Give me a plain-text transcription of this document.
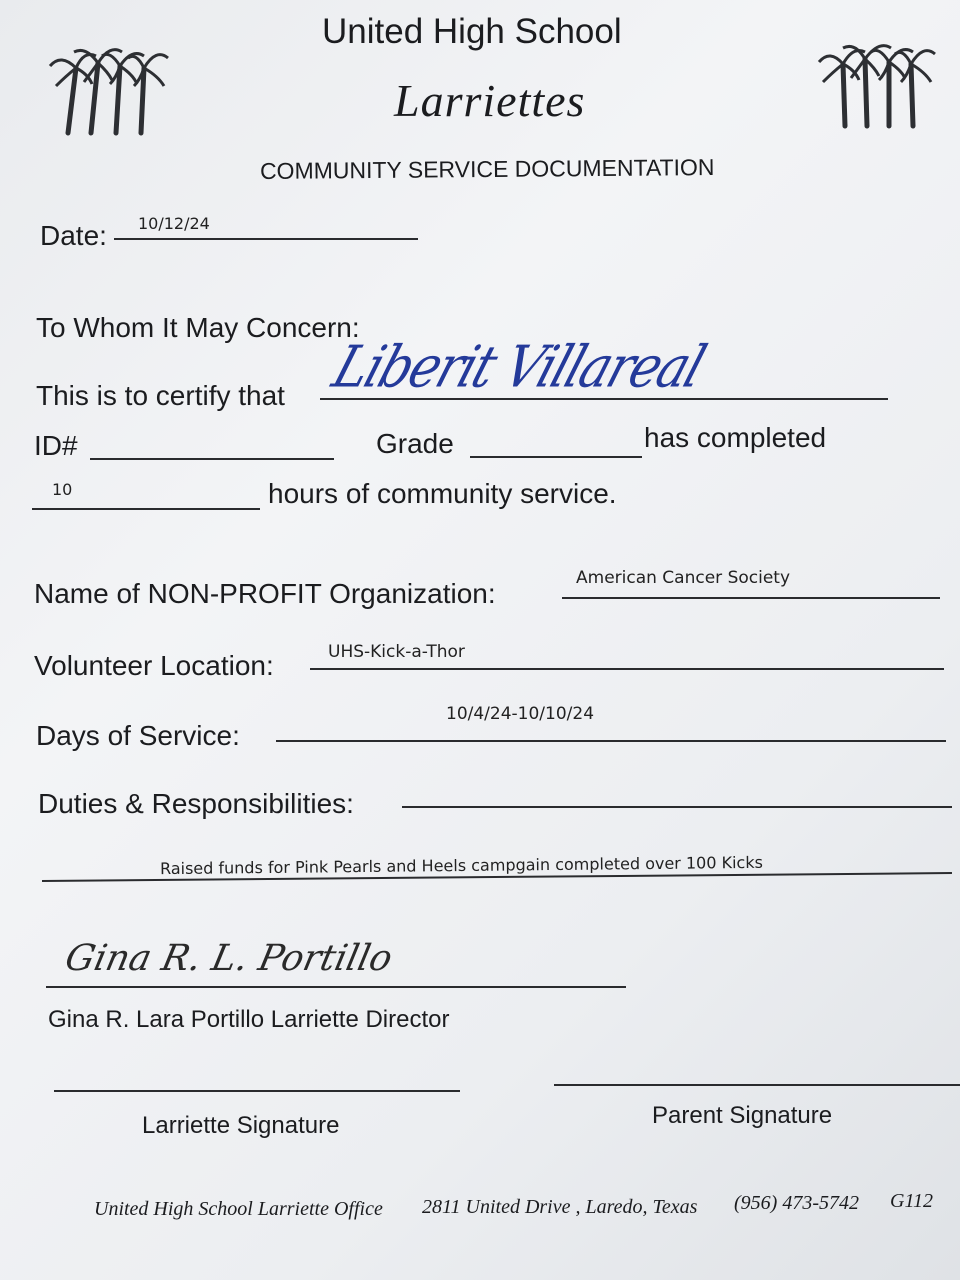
United High School
Larriettes
COMMUNITY SERVICE DOCUMENTATION
Date: 10/12/24
To Whom It May Concern:
This is to certify that Liberit Villareal
ID#	Grade	has completed
10	hours of community service.
Name of NON-PROFIT Organization:	American Cancer Society
Volunteer Location:	UHS-Kick-a-Thor
Days of Service:
10/4/24-10/10/24
Duties & Responsibilities:
Raised funds for Pink Pearls and Heels campgain completed over 100 Kicks
Gina R. L. Portillo
Gina R. Lara Portillo Larriette Director
Larriette Signature	Parent Signature
United High School Larriette Office 2811 United Drive , Laredo, Texas (956) 473-5742 G112
